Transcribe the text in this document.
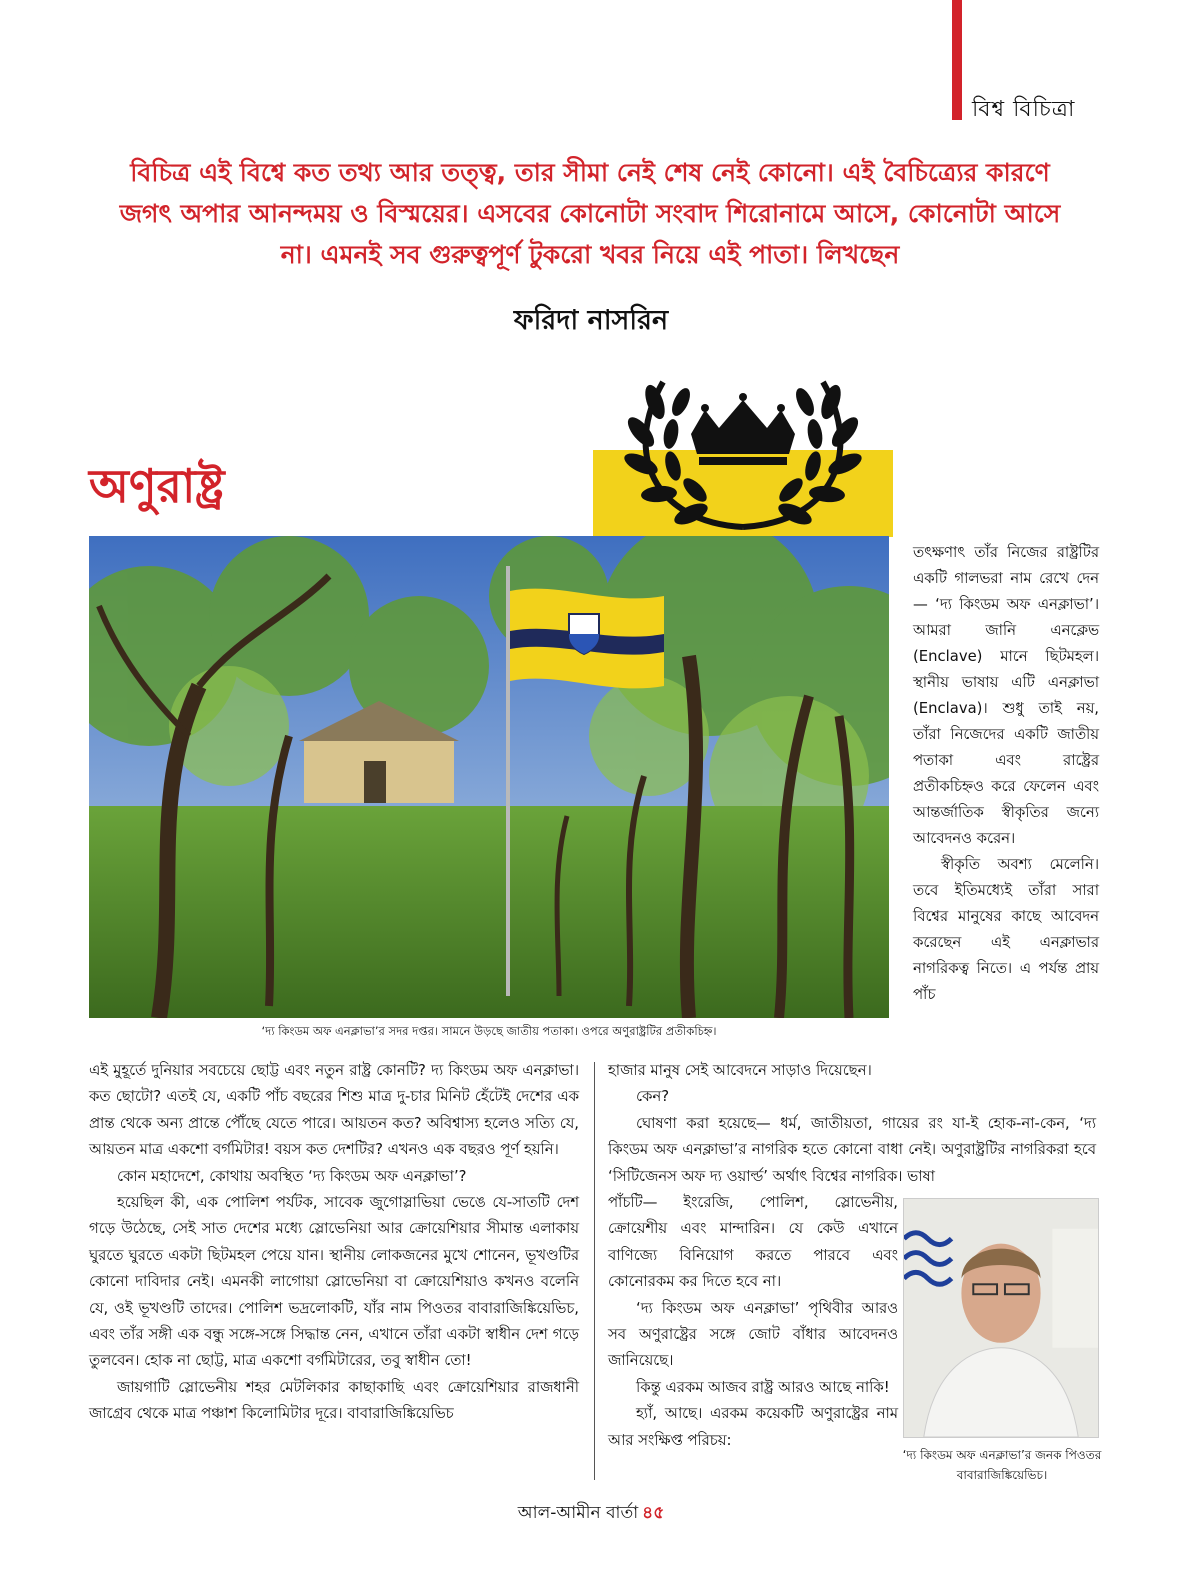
বিশ্ব বিচিত্রা
বিচিত্র এই বিশ্বে কত তথ্য আর তত্ত্ব, তার সীমা নেই শেষ নেই কোনো। এই বৈচিত্র্যের কারণে জগৎ অপার আনন্দময় ও বিস্ময়ের। এসবের কোনোটা সংবাদ শিরোনামে আসে, কোনোটা আসে না। এমনই সব গুরুত্বপূর্ণ টুকরো খবর নিয়ে এই পাতা। লিখছেন
ফরিদা নাসরিন
অণুরাষ্ট্র
‘দ্য কিংডম অফ এনক্লাভা’র সদর দপ্তর। সামনে উড়ছে জাতীয় পতাকা। ওপরে অণুরাষ্ট্রটির প্রতীকচিহ্ন।

তৎক্ষণাৎ তাঁর নিজের রাষ্ট্রটির একটি গালভরা নাম রেখে দেন— ‘দ্য কিংডম অফ এনক্লাভা’। আমরা জানি এনক্লেভ (Enclave) মানে ছিটমহল। স্থানীয় ভাষায় এটি এনক্লাভা (Enclava)। শুধু তাই নয়, তাঁরা নিজেদের একটি জাতীয় পতাকা এবং রাষ্ট্রের প্রতীকচিহ্নও করে ফেলেন এবং আন্তর্জাতিক স্বীকৃতির জন্যে আবেদনও করেন।

স্বীকৃতি অবশ্য মেলেনি। তবে ইতিমধ্যেই তাঁরা সারা বিশ্বের মানুষের কাছে আবেদন করেছেন এই এনক্লাভার নাগরিকত্ব নিতে। এ পর্যন্ত প্রায় পাঁচ

এই মুহূর্তে দুনিয়ার সবচেয়ে ছোট্ট এবং নতুন রাষ্ট্র কোনটি? দ্য কিংডম অফ এনক্লাভা। কত ছোটো? এতই যে, একটি পাঁচ বছরের শিশু মাত্র দু-চার মিনিট হেঁটেই দেশের এক প্রান্ত থেকে অন্য প্রান্তে পৌঁছে যেতে পারে। আয়তন কত? অবিশ্বাস্য হলেও সত্যি যে, আয়তন মাত্র একশো বর্গমিটার! বয়স কত দেশটির? এখনও এক বছরও পূর্ণ হয়নি।

কোন মহাদেশে, কোথায় অবস্থিত ‘দ্য কিংডম অফ এনক্লাভা’?

হয়েছিল কী, এক পোলিশ পর্যটক, সাবেক জুগোস্লাভিয়া ভেঙে যে-সাতটি দেশ গড়ে উঠেছে, সেই সাত দেশের মধ্যে স্লোভেনিয়া আর ক্রোয়েশিয়ার সীমান্ত এলাকায় ঘুরতে ঘুরতে একটা ছিটমহল পেয়ে যান। স্থানীয় লোকজনের মুখে শোনেন, ভূখণ্ডটির কোনো দাবিদার নেই। এমনকী লাগোয়া স্লোভেনিয়া বা ক্রোয়েশিয়াও কখনও বলেনি যে, ওই ভূখণ্ডটি তাদের। পোলিশ ভদ্রলোকটি, যাঁর নাম পিওতর বাবারাজিঙ্কিয়েভিচ, এবং তাঁর সঙ্গী এক বন্ধু সঙ্গে-সঙ্গে সিদ্ধান্ত নেন, এখানে তাঁরা একটা স্বাধীন দেশ গড়ে তুলবেন। হোক না ছোট্ট, মাত্র একশো বর্গমিটারের, তবু স্বাধীন তো!

জায়গাটি স্লোভেনীয় শহর মেটলিকার কাছাকাছি এবং ক্রোয়েশিয়ার রাজধানী জাগ্রেব থেকে মাত্র পঞ্চাশ কিলোমিটার দূরে। বাবারাজিঙ্কিয়েভিচ

হাজার মানুষ সেই আবেদনে সাড়াও দিয়েছেন।

কেন?

ঘোষণা করা হয়েছে— ধর্ম, জাতীয়তা, গায়ের রং যা-ই হোক-না-কেন, ‘দ্য কিংডম অফ এনক্লাভা’র নাগরিক হতে কোনো বাধা নেই। অণুরাষ্ট্রটির নাগরিকরা হবে ‘সিটিজেনস অফ দ্য ওয়ার্ল্ড’ অর্থাৎ বিশ্বের নাগরিক। ভাষা

পাঁচটি— ইংরেজি, পোলিশ, স্লোভেনীয়, ক্রোয়েশীয় এবং মান্দারিন। যে কেউ এখানে বাণিজ্যে বিনিয়োগ করতে পারবে এবং কোনোরকম কর দিতে হবে না।

‘দ্য কিংডম অফ এনক্লাভা’ পৃথিবীর আরও সব অণুরাষ্ট্রের সঙ্গে জোট বাঁধার আবেদনও জানিয়েছে।

কিন্তু এরকম আজব রাষ্ট্র আরও আছে নাকি!

হ্যাঁ, আছে। এরকম কয়েকটি অণুরাষ্ট্রের নাম আর সংক্ষিপ্ত পরিচয়:

‘দ্য কিংডম অফ এনক্লাভা’র জনক পিওতর বাবারাজিঙ্কিয়েভিচ।
আল-আমীন বার্তা ৪৫
